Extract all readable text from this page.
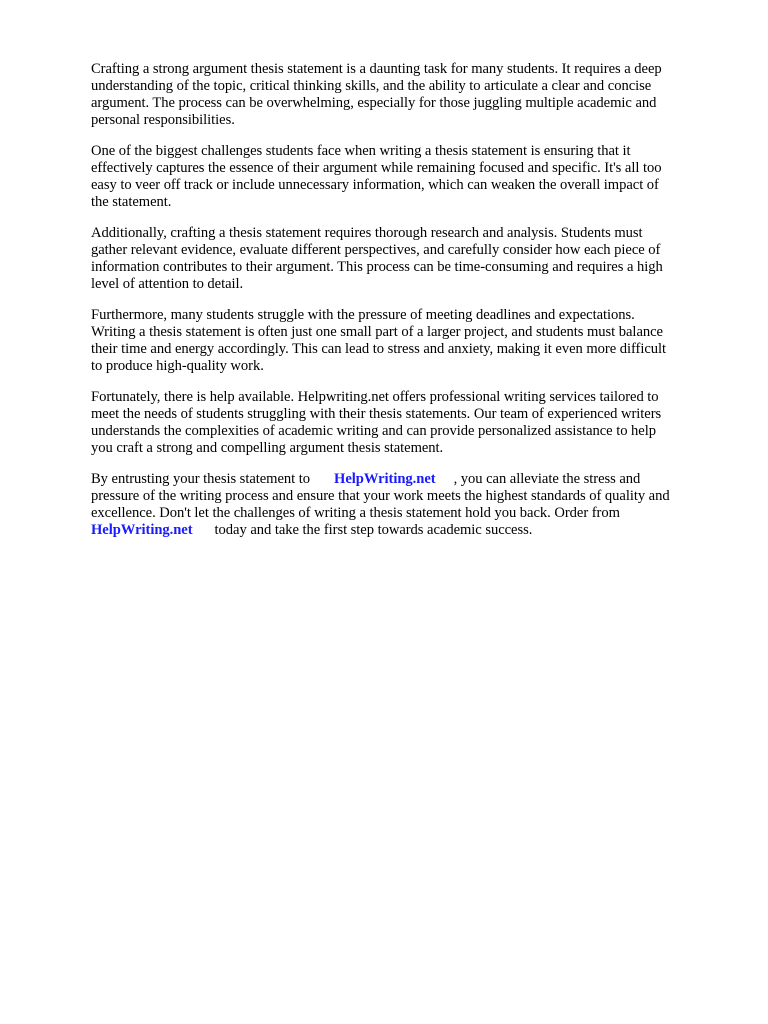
Crafting a strong argument thesis statement is a daunting task for many students. It requires a deep
understanding of the topic, critical thinking skills, and the ability to articulate a clear and concise
argument. The process can be overwhelming, especially for those juggling multiple academic and
personal responsibilities.

One of the biggest challenges students face when writing a thesis statement is ensuring that it
effectively captures the essence of their argument while remaining focused and specific. It's all too
easy to veer off track or include unnecessary information, which can weaken the overall impact of
the statement.

Additionally, crafting a thesis statement requires thorough research and analysis. Students must
gather relevant evidence, evaluate different perspectives, and carefully consider how each piece of
information contributes to their argument. This process can be time-consuming and requires a high
level of attention to detail.

Furthermore, many students struggle with the pressure of meeting deadlines and expectations.
Writing a thesis statement is often just one small part of a larger project, and students must balance
their time and energy accordingly. This can lead to stress and anxiety, making it even more difficult
to produce high-quality work.

Fortunately, there is help available. Helpwriting.net offers professional writing services tailored to
meet the needs of students struggling with their thesis statements. Our team of experienced writers
understands the complexities of academic writing and can provide personalized assistance to help
you craft a strong and compelling argument thesis statement.

By entrusting your thesis statement to HelpWriting.net , you can alleviate the stress and
pressure of the writing process and ensure that your work meets the highest standards of quality and
excellence. Don't let the challenges of writing a thesis statement hold you back. Order from
HelpWriting.net today and take the first step towards academic success.
